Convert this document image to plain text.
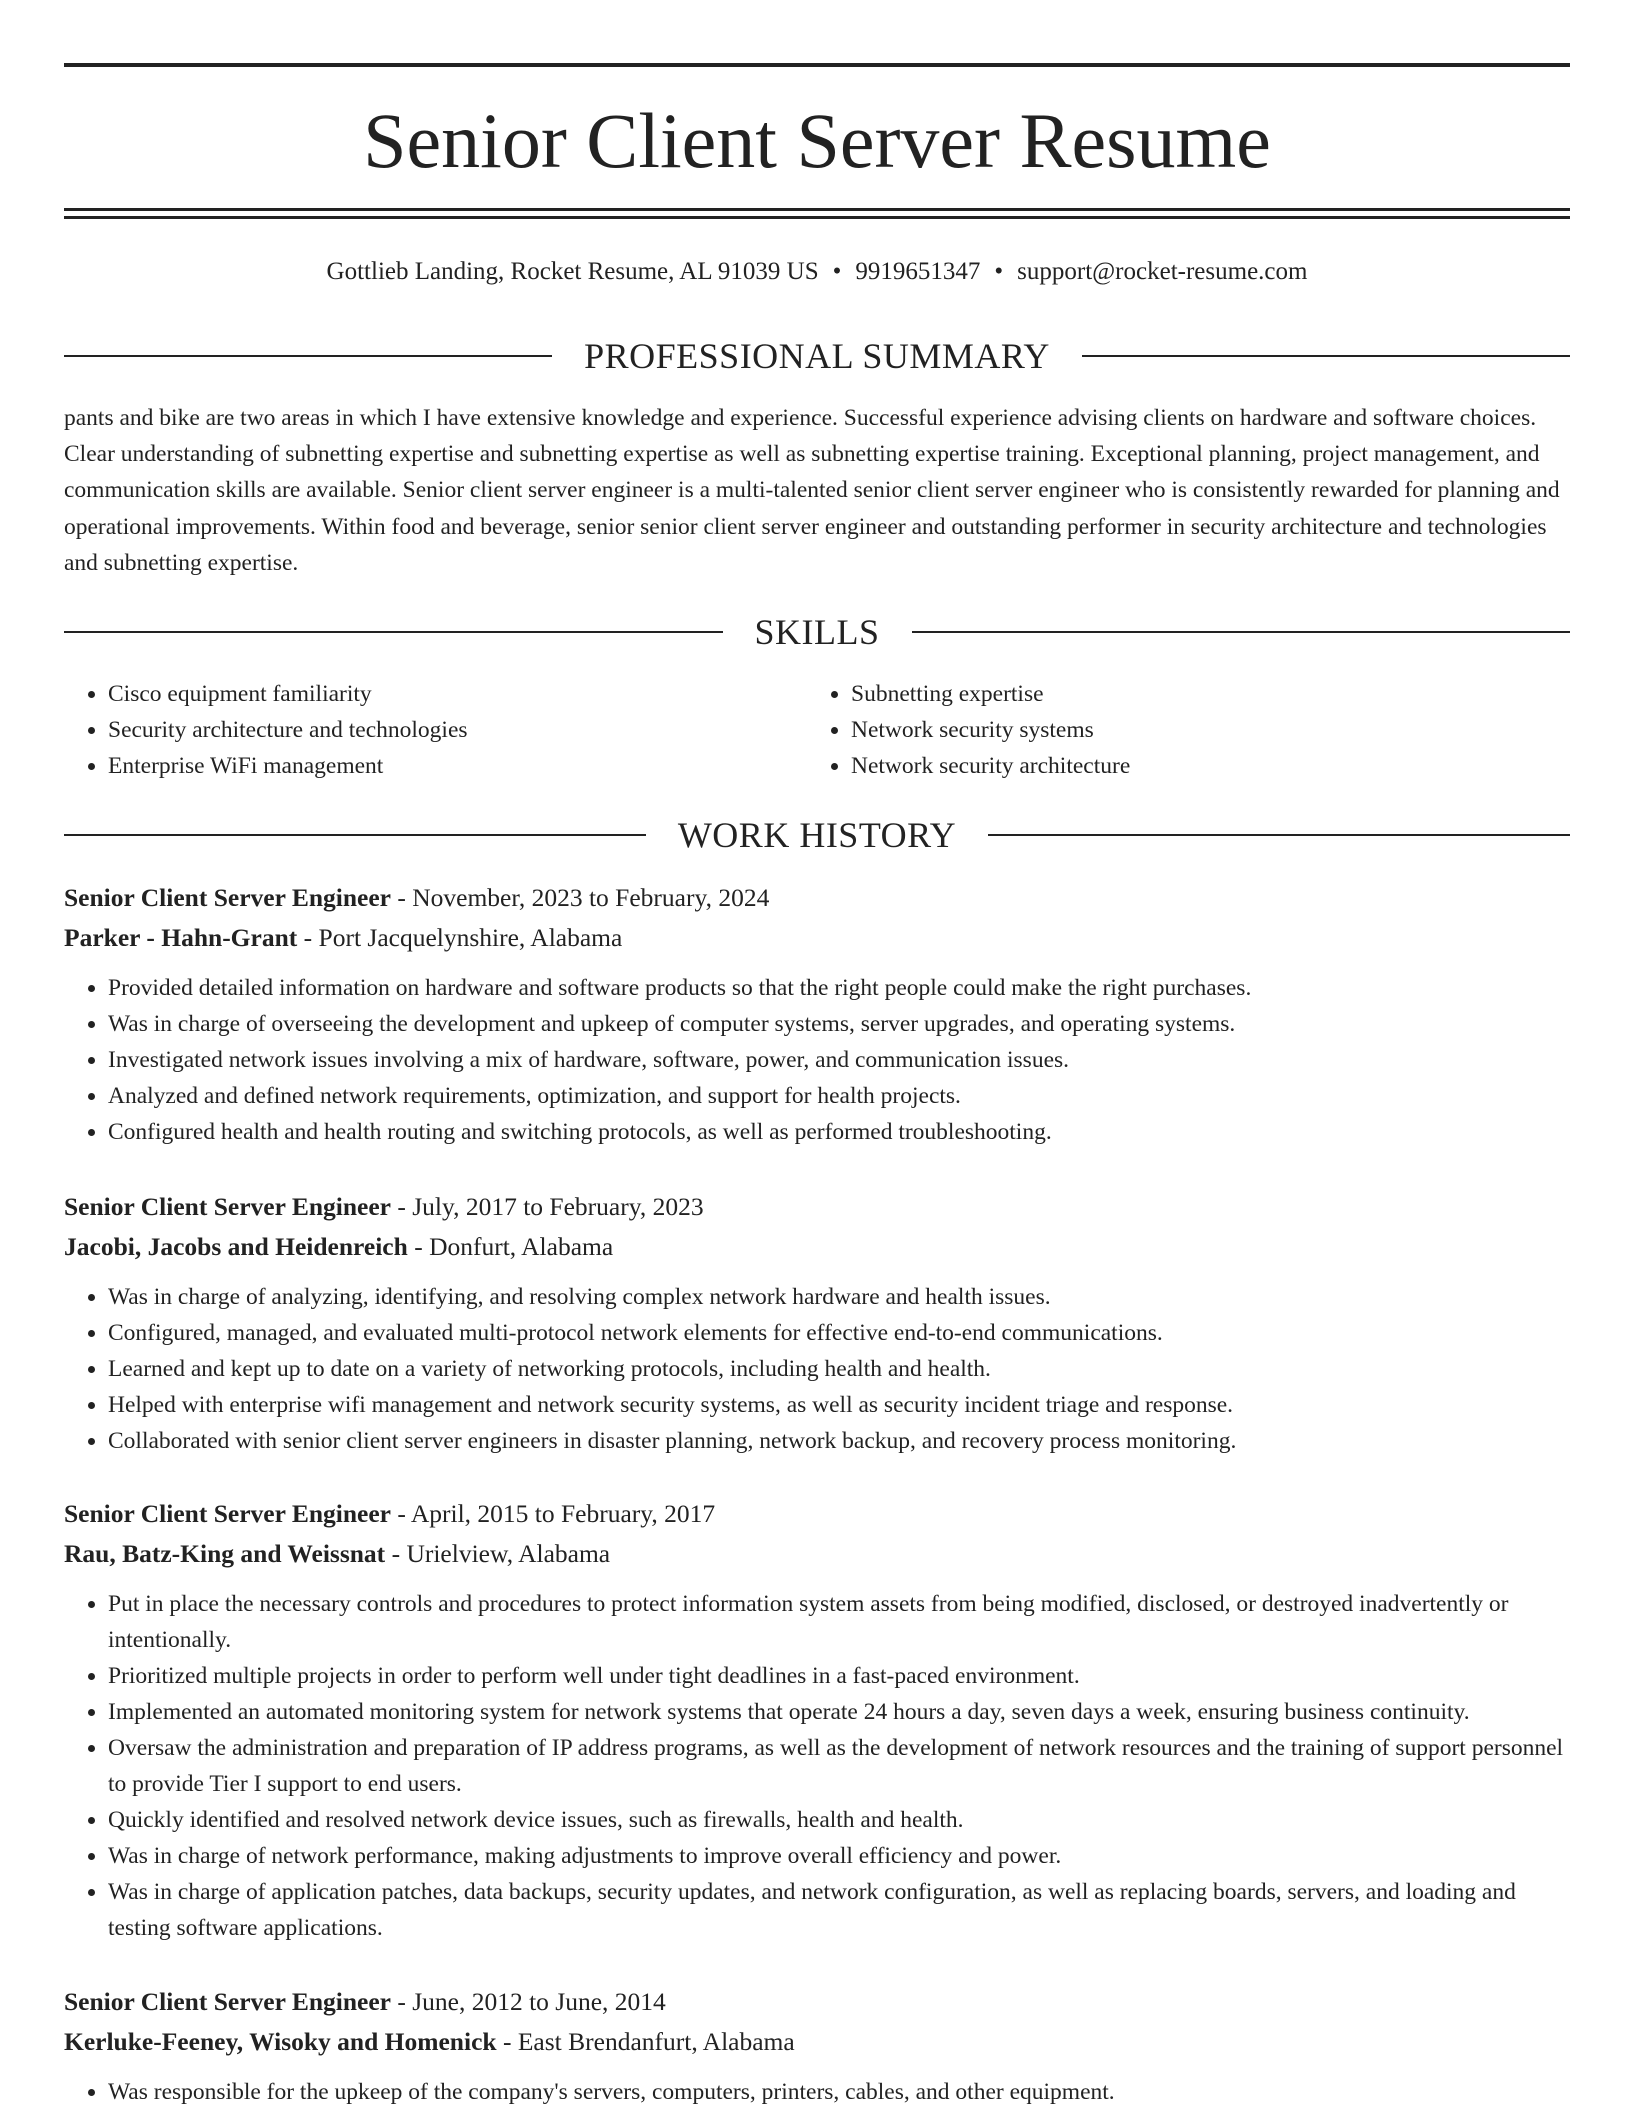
Senior Client Server Resume
Gottlieb Landing, Rocket Resume, AL 91039 US • 9919651347 • support@rocket-resume.com
PROFESSIONAL SUMMARY

pants and bike are two areas in which I have extensive knowledge and experience. Successful experience advising clients on hardware and software choices. Clear understanding of subnetting expertise and subnetting expertise as well as subnetting expertise training. Exceptional planning, project management, and communication skills are available. Senior client server engineer is a multi-talented senior client server engineer who is consistently rewarded for planning and operational improvements. Within food and beverage, senior senior client server engineer and outstanding performer in security architecture and technologies and subnetting expertise.

SKILLS
• Cisco equipment familiarity
• Security architecture and technologies
• Enterprise WiFi management
• Subnetting expertise
• Network security systems
• Network security architecture
WORK HISTORY
Senior Client Server Engineer - November, 2023 to February, 2024
Parker - Hahn-Grant - Port Jacquelynshire, Alabama
• Provided detailed information on hardware and software products so that the right people could make the right purchases.
• Was in charge of overseeing the development and upkeep of computer systems, server upgrades, and operating systems.
• Investigated network issues involving a mix of hardware, software, power, and communication issues.
• Analyzed and defined network requirements, optimization, and support for health projects.
• Configured health and health routing and switching protocols, as well as performed troubleshooting.
Senior Client Server Engineer - July, 2017 to February, 2023
Jacobi, Jacobs and Heidenreich - Donfurt, Alabama
• Was in charge of analyzing, identifying, and resolving complex network hardware and health issues.
• Configured, managed, and evaluated multi-protocol network elements for effective end-to-end communications.
• Learned and kept up to date on a variety of networking protocols, including health and health.
• Helped with enterprise wifi management and network security systems, as well as security incident triage and response.
• Collaborated with senior client server engineers in disaster planning, network backup, and recovery process monitoring.
Senior Client Server Engineer - April, 2015 to February, 2017
Rau, Batz-King and Weissnat - Urielview, Alabama
• Put in place the necessary controls and procedures to protect information system assets from being modified, disclosed, or destroyed inadvertently or intentionally.
• Prioritized multiple projects in order to perform well under tight deadlines in a fast-paced environment.
• Implemented an automated monitoring system for network systems that operate 24 hours a day, seven days a week, ensuring business continuity.
• Oversaw the administration and preparation of IP address programs, as well as the development of network resources and the training of support personnel to provide Tier I support to end users.
• Quickly identified and resolved network device issues, such as firewalls, health and health.
• Was in charge of network performance, making adjustments to improve overall efficiency and power.
• Was in charge of application patches, data backups, security updates, and network configuration, as well as replacing boards, servers, and loading and testing software applications.
Senior Client Server Engineer - June, 2012 to June, 2014
Kerluke-Feeney, Wisoky and Homenick - East Brendanfurt, Alabama
• Was responsible for the upkeep of the company's servers, computers, printers, cables, and other equipment.
